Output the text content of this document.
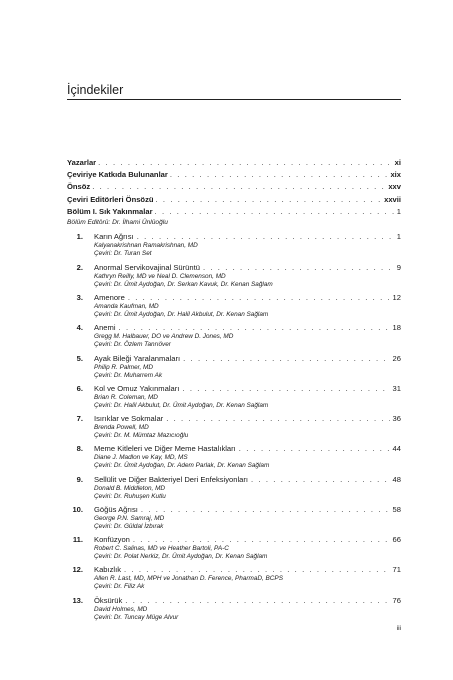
İçindekiler
Yazarlar . . .	xi
Çeviriye Katkıda Bulunanlar . . .	xix
Önsöz . . .	xxv
Çeviri Editörleri Önsözü . . .	xxvii
Bölüm I. Sık Yakınmalar . . .	1
Bölüm Editörü: Dr. İlhami Ünlüoğlu
1.	Karın Ağrısı . . .	1
Kalyanakrishnan Ramakrishnan, MD
Çeviri: Dr. Turan Set
2.	Anormal Servikovajinal Sürüntü . . .	9
Kathryn Reilly, MD ve Neal D. Clemenson, MD
Çeviri: Dr. Ümit Aydoğan, Dr. Serkan Kavuk, Dr. Kenan Sağlam
3.	Amenore . . .	12
Amanda Kaufman, MD
Çeviri: Dr. Ümit Aydoğan, Dr. Halil Akbulut, Dr. Kenan Sağlam
4.	Anemi . . .	18
Gregg M. Halbauer, DO ve Andrew D. Jones, MD
Çeviri: Dr. Özlem Tanrıöver
5.	Ayak Bileği Yaralanmaları . . .	26
Philip R. Palmer, MD
Çeviri: Dr. Muharrem Ak
6.	Kol ve Omuz Yakınmaları . . .	31
Brian R. Coleman, MD
Çeviri: Dr. Halil Akbulut, Dr. Ümit Aydoğan, Dr. Kenan Sağlam
7.	Isırıklar ve Sokmalar . . .	36
Brenda Powell, MD
Çeviri: Dr. M. Mümtaz Mazıcıoğlu
8.	Meme Kitleleri ve Diğer Meme Hastalıkları . . .	44
Diane J. Madlon ve Kay, MD, MS
Çeviri: Dr. Ümit Aydoğan, Dr. Adem Parlak, Dr. Kenan Sağlam
9.	Sellülit ve Diğer Bakteriyel Deri Enfeksiyonları . . .	48
Donald B. Middleton, MD
Çeviri: Dr. Ruhuşen Kutlu
10.	Göğüs Ağrısı . . .	58
George P.N. Samraj, MD
Çeviri: Dr. Güldal İzbırak
11.	Konfüzyon . . .	66
Robert C. Salinas, MD ve Heather Bartoli, PA-C
Çeviri: Dr. Polat Nerkiz, Dr. Ümit Aydoğan, Dr. Kenan Sağlam
12.	Kabızlık . . .	71
Allen R. Last, MD, MPH ve Jonathan D. Ference, PharmaD, BCPS
Çeviri: Dr. Filiz Ak
13.	Öksürük . . .	76
David Holmes, MD
Çeviri: Dr. Tuncay Müge Alvur
iii
